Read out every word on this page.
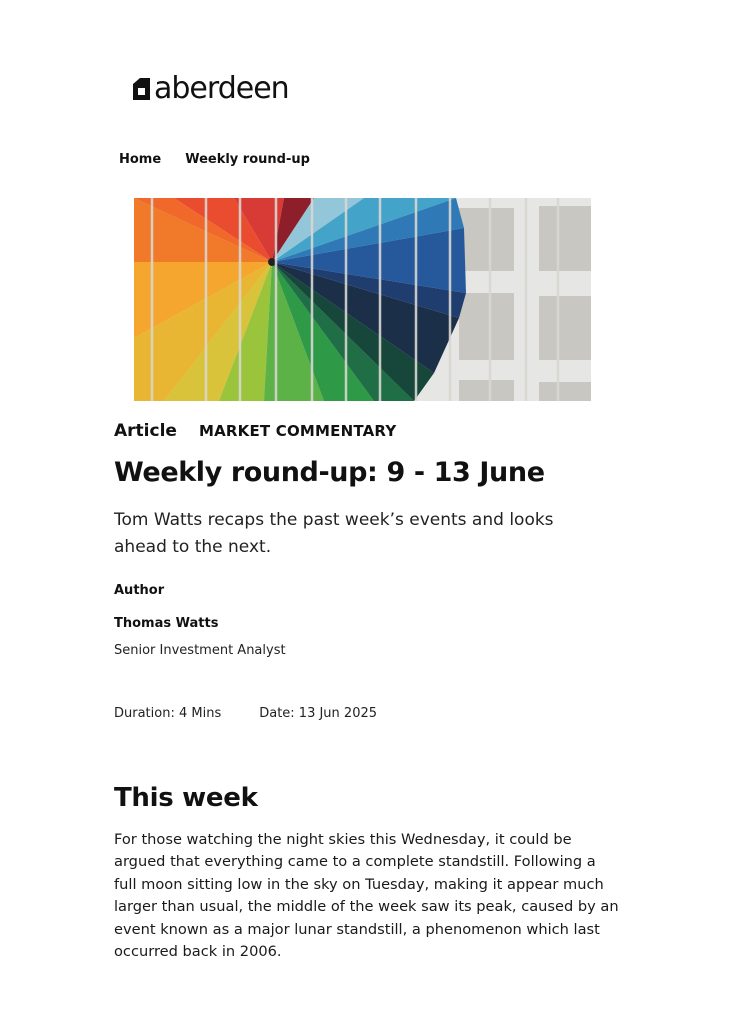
aberdeen
Home Weekly round-up
Article MARKET COMMENTARY
Weekly round-up: 9 - 13 June

Tom Watts recaps the past week’s events and looks ahead to the next.

Author
Thomas Watts
Senior Investment Analyst
Duration: 4 Mins	Date: 13 Jun 2025
This week

For those watching the night skies this Wednesday, it could be argued that everything came to a complete standstill. Following a full moon sitting low in the sky on Tuesday, making it appear much larger than usual, the middle of the week saw its peak, caused by an event known as a major lunar standstill, a phenomenon which last occurred back in 2006.
